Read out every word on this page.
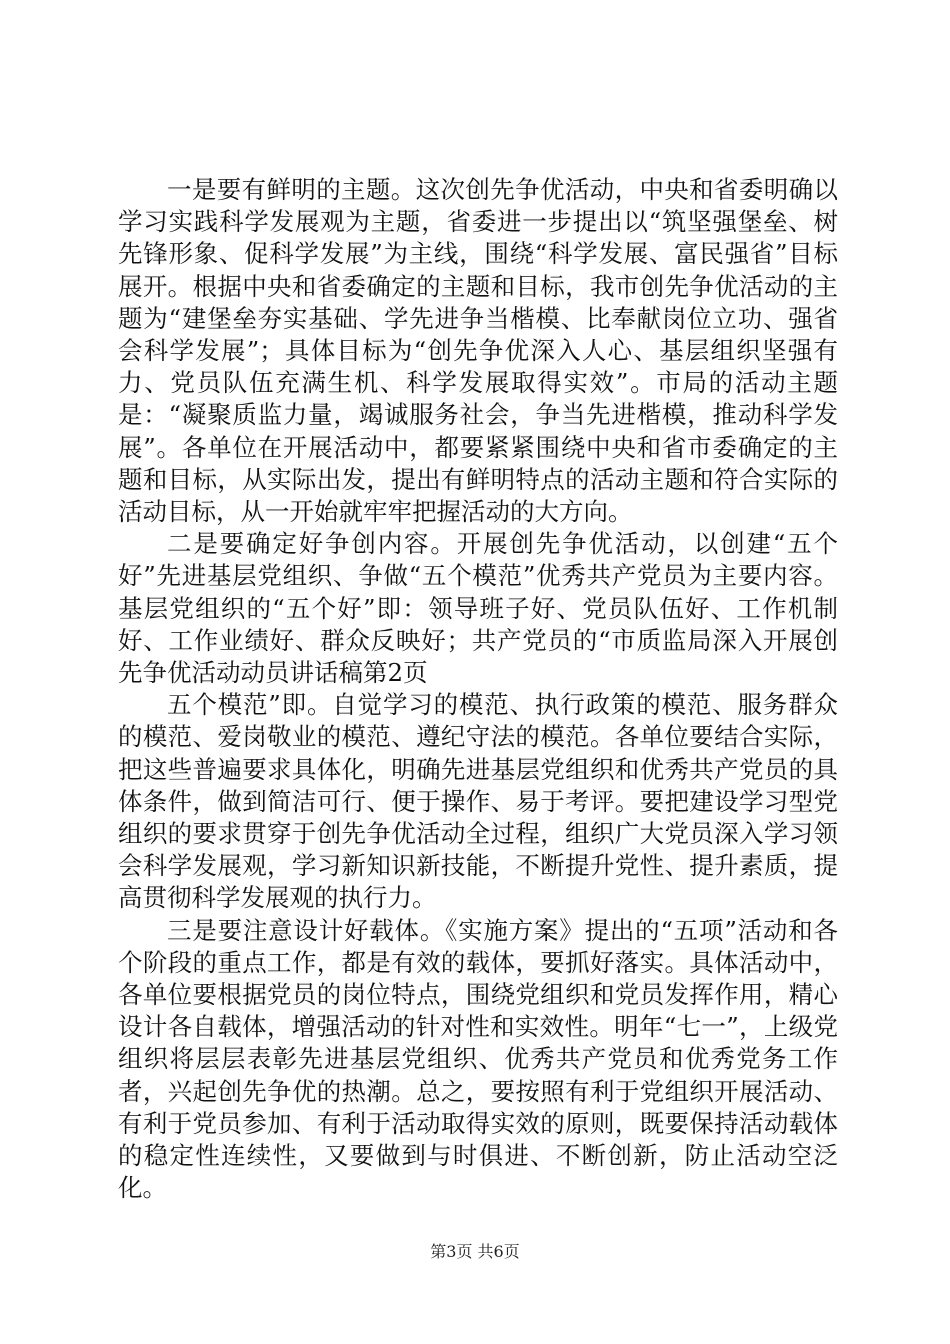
一是要有鲜明的主题。这次创先争优活动，中央和省委明确以学习实践科学发展观为主题，省委进一步提出以“筑坚强堡垒、树先锋形象、促科学发展”为主线，围绕“科学发展、富民强省”目标展开。根据中央和省委确定的主题和目标，我市创先争优活动的主题为“建堡垒夯实基础、学先进争当楷模、比奉献岗位立功、强省会科学发展”；具体目标为“创先争优深入人心、基层组织坚强有力、党员队伍充满生机、科学发展取得实效”。市局的活动主题是：“凝聚质监力量，竭诚服务社会，争当先进楷模，推动科学发展”。各单位在开展活动中，都要紧紧围绕中央和省市委确定的主题和目标，从实际出发，提出有鲜明特点的活动主题和符合实际的活动目标，从一开始就牢牢把握活动的大方向。

二是要确定好争创内容。开展创先争优活动，以创建“五个好”先进基层党组织、争做“五个模范”优秀共产党员为主要内容。基层党组织的“五个好”即：领导班子好、党员队伍好、工作机制好、工作业绩好、群众反映好；共产党员的“市质监局深入开展创先争优活动动员讲话稿第2页

五个模范”即。自觉学习的模范、执行政策的模范、服务群众的模范、爱岗敬业的模范、遵纪守法的模范。各单位要结合实际，把这些普遍要求具体化，明确先进基层党组织和优秀共产党员的具体条件，做到简洁可行、便于操作、易于考评。要把建设学习型党组织的要求贯穿于创先争优活动全过程，组织广大党员深入学习领会科学发展观，学习新知识新技能，不断提升党性、提升素质，提高贯彻科学发展观的执行力。

三是要注意设计好载体。《实施方案》提出的“五项”活动和各个阶段的重点工作，都是有效的载体，要抓好落实。具体活动中，各单位要根据党员的岗位特点，围绕党组织和党员发挥作用，精心设计各自载体，增强活动的针对性和实效性。明年“七一”，上级党组织将层层表彰先进基层党组织、优秀共产党员和优秀党务工作者，兴起创先争优的热潮。总之，要按照有利于党组织开展活动、有利于党员参加、有利于活动取得实效的原则，既要保持活动载体的稳定性连续性，又要做到与时俱进、不断创新，防止活动空泛化。

第3页 共6页
